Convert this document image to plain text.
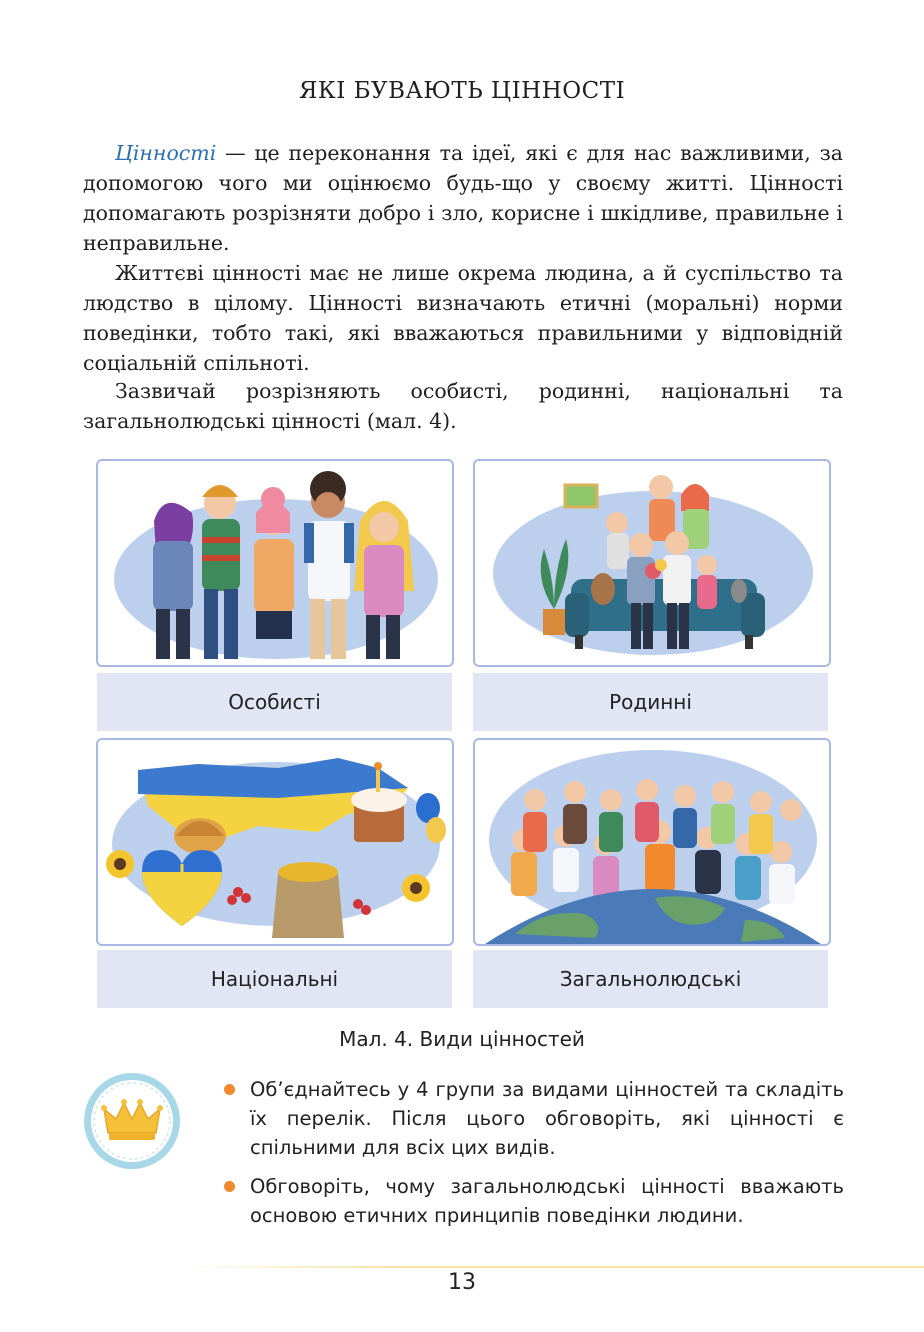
ЯКІ БУВАЮТЬ ЦІННОСТІ

Цінності — це переконання та ідеї, які є для нас важливими, за допомогою чого ми оцінюємо будь-що у своєму житті. Цінності допомагають розрізняти добро і зло, корисне і шкідливе, правильне і неправильне.

Життєві цінності має не лише окрема людина, а й суспільство та людство в цілому. Цінності визначають етичні (моральні) норми поведінки, тобто такі, які вважаються правильними у відповідній соціальній спільноті.

Зазвичай розрізняють особисті, родинні, національні та загальнолюдські цінності (мал. 4).

Особисті	Родинні
Національні	Загальнолюдські
Мал. 4. Види цінностей
Об’єднайтесь у 4 групи за видами цінностей та складіть їх перелік. Після цього обговоріть, які цінності є спільними для всіх цих видів.
Обговоріть, чому загальнолюдські цінності вважають основою етичних принципів поведінки людини.
13
